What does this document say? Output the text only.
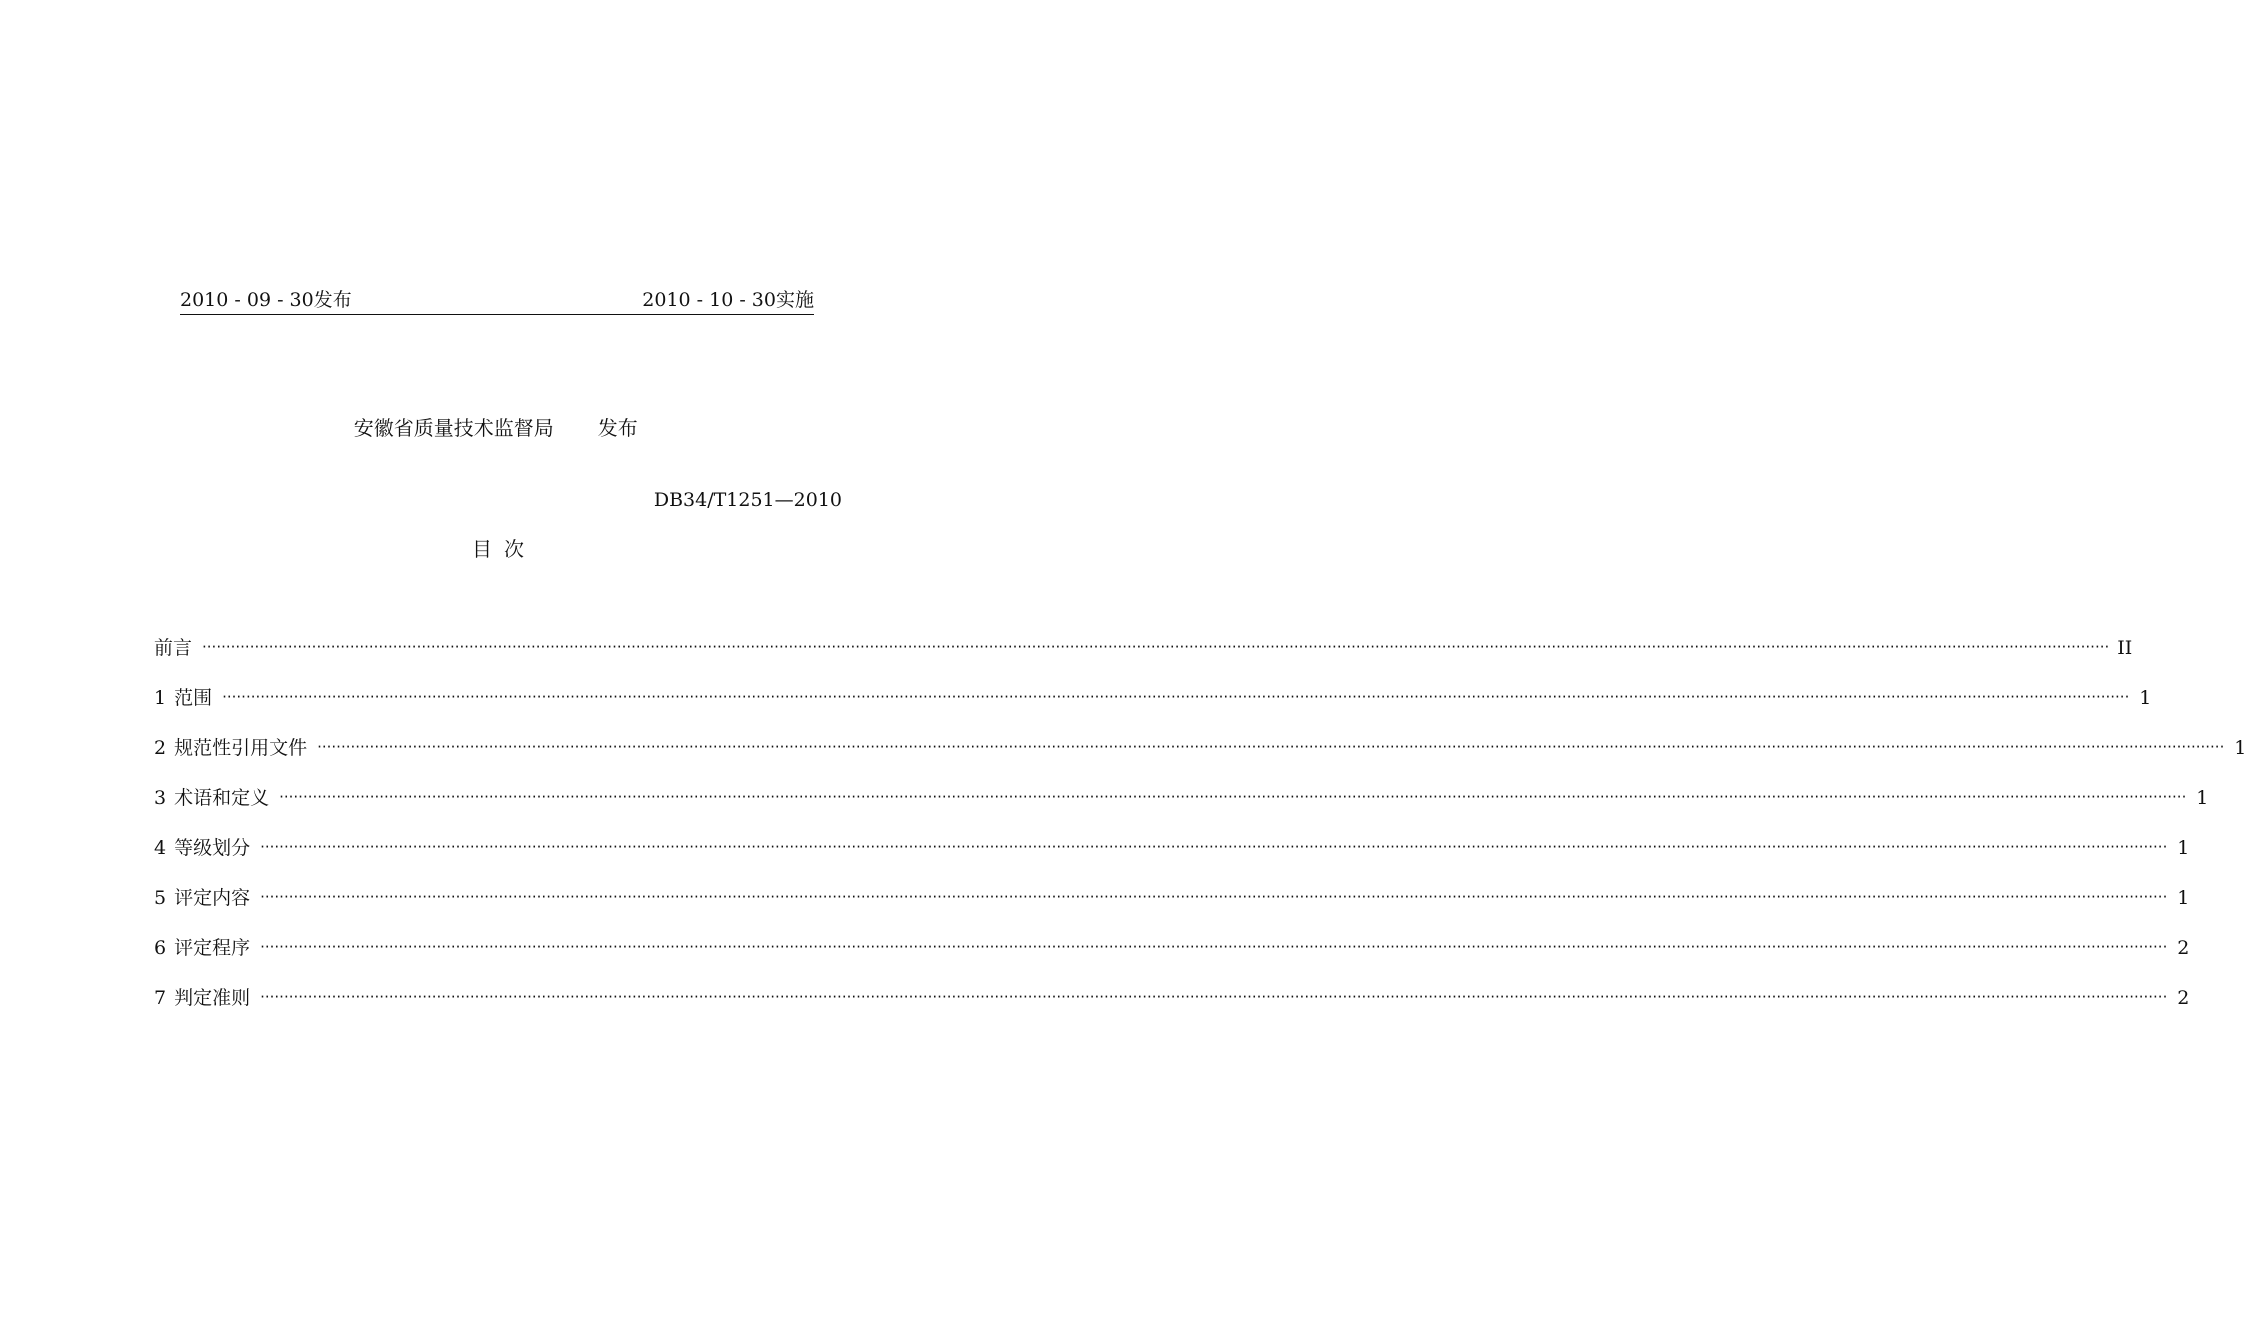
2010 - 09 - 30发布	2010 - 10 - 30实施

安徽省质量技术监督局 发布

DB34/T1251—2010
目次
前言 ················································································································································································································································································································································································································ II
1 范围 ················································································································································································································································································································································································································ 1
2 规范性引用文件 ················································································································································································································································································································································································································ 1
3 术语和定义 ················································································································································································································································································································································································································ 1
4 等级划分 ················································································································································································································································································································································································································ 1
5 评定内容 ················································································································································································································································································································································································································ 1
6 评定程序 ················································································································································································································································································································································································································ 2
7 判定准则 ················································································································································································································································································································································································································ 2
